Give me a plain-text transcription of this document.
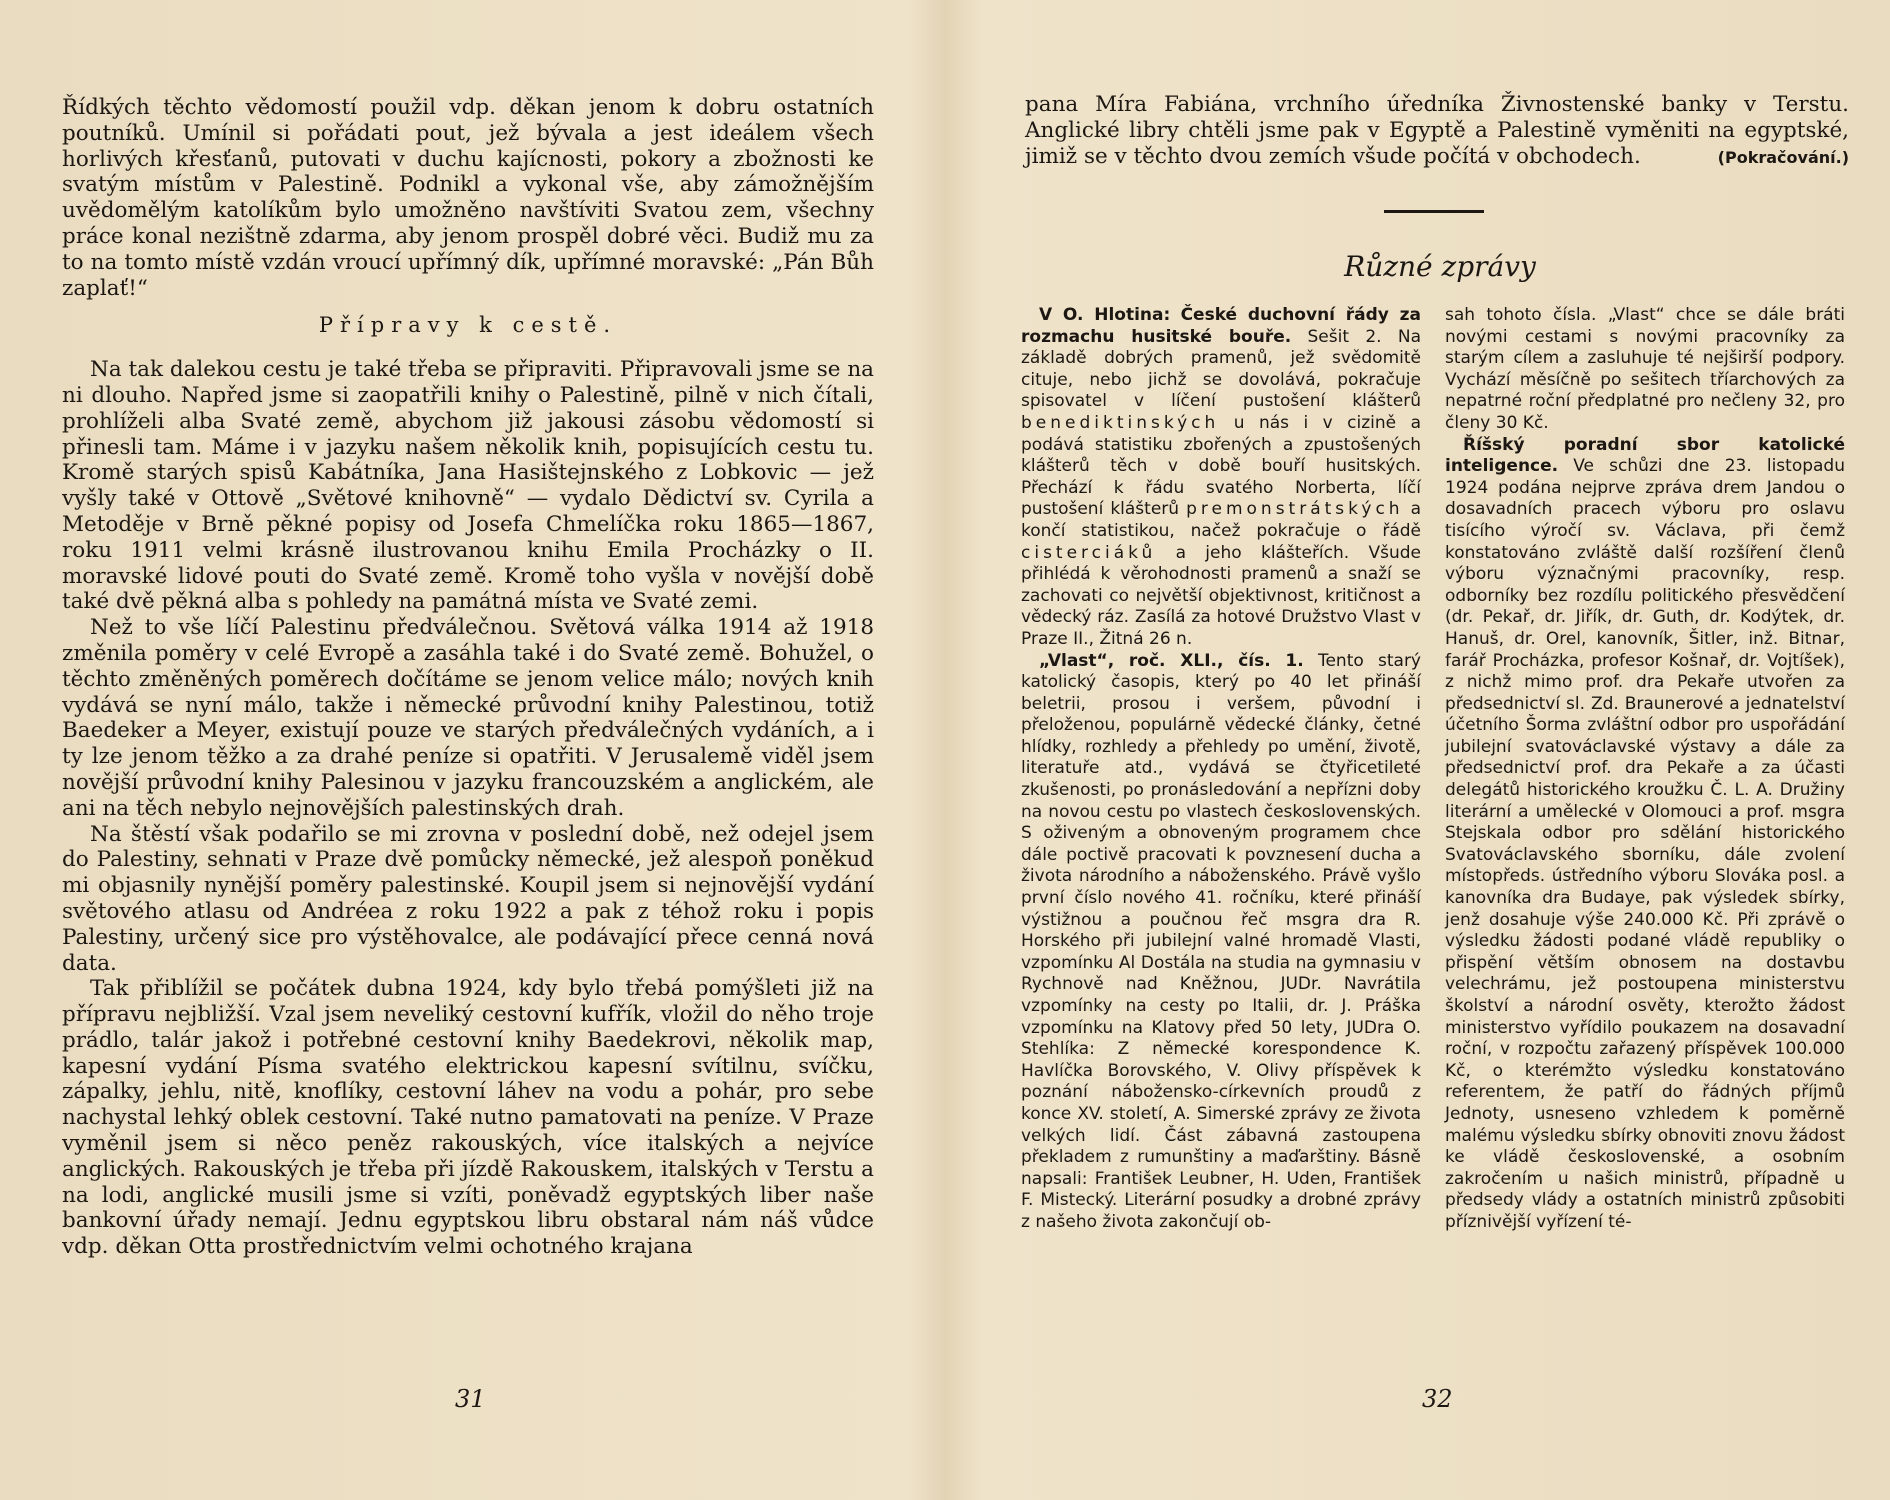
Řídkých těchto vědomostí použil vdp. děkan jenom k dobru ostatních poutníků. Umínil si pořádati pout, jež bývala a jest ideálem všech horlivých křesťanů, putovati v duchu kajícnosti, pokory a zbožnosti ke svatým místům v Palestině. Podnikl a vykonal vše, aby zámožnějším uvědomělým katolíkům bylo umožněno navštíviti Svatou zem, všechny práce konal nezištně zdarma, aby jenom prospěl dobré věci. Budiž mu za to na tomto místě vzdán vroucí upřímný dík, upřímné moravské: „Pán Bůh zaplať!“

Přípravy k cestě.

Na tak dalekou cestu je také třeba se připraviti. Připravovali jsme se na ni dlouho. Napřed jsme si zaopatřili knihy o Palestině, pilně v nich čítali, prohlíželi alba Svaté země, abychom již jakousi zásobu vědomostí si přinesli tam. Máme i v jazyku našem několik knih, popisujících cestu tu. Kromě starých spisů Kabátníka, Jana Hasištejnského z Lobkovic — jež vyšly také v Ottově „Světové knihovně“ — vydalo Dědictví sv. Cyrila a Metoděje v Brně pěkné popisy od Josefa Chmelíčka roku 1865—1867, roku 1911 velmi krásně ilustrovanou knihu Emila Procházky o II. moravské lidové pouti do Svaté země. Kromě toho vyšla v novější době také dvě pěkná alba s pohledy na památná místa ve Svaté zemi.

Než to vše líčí Palestinu předválečnou. Světová válka 1914 až 1918 změnila poměry v celé Evropě a zasáhla také i do Svaté země. Bohužel, o těchto změněných poměrech dočítáme se jenom velice málo; nových knih vydává se nyní málo, takže i německé průvodní knihy Palestinou, totiž Baedeker a Meyer, existují pouze ve starých předválečných vydáních, a i ty lze jenom těžko a za drahé peníze si opatřiti. V Jerusalemě viděl jsem novější průvodní knihy Palesinou v jazyku francouzském a anglickém, ale ani na těch nebylo nejnovějších palestinských drah.

Na štěstí však podařilo se mi zrovna v poslední době, než odejel jsem do Palestiny, sehnati v Praze dvě pomůcky německé, jež alespoň poněkud mi objasnily nynější poměry palestinské. Koupil jsem si nejnovější vydání světového atlasu od Andréea z roku 1922 a pak z téhož roku i popis Palestiny, určený sice pro výstěhovalce, ale podávající přece cenná nová data.

Tak přiblížil se počátek dubna 1924, kdy bylo třebá pomýšleti již na přípravu nejbližší. Vzal jsem neveliký cestovní kufřík, vložil do něho troje prádlo, talár jakož i potřebné cestovní knihy Baedekrovi, několik map, kapesní vydání Písma svatého elektrickou kapesní svítilnu, svíčku, zápalky, jehlu, nitě, knoflíky, cestovní láhev na vodu a pohár, pro sebe nachystal lehký oblek cestovní. Také nutno pamatovati na peníze. V Praze vyměnil jsem si něco peněz rakouských, více italských a nejvíce anglických. Rakouských je třeba při jízdě Rakouskem, italských v Terstu a na lodi, anglické musili jsme si vzíti, poněvadž egyptských liber naše bankovní úřady nemají. Jednu egyptskou libru obstaral nám náš vůdce vdp. děkan Otta prostřednictvím velmi ochotného krajana

31

pana Míra Fabiána, vrchního úředníka Živnostenské banky v Terstu. Anglické libry chtěli jsme pak v Egyptě a Palestině vyměniti na egyptské, jimiž se v těchto dvou zemích všude počítá v obchodech.	(Pokračování.)
Různé zprávy

V O. Hlotina: České duchovní řády za rozmachu husitské bouře. Sešit 2. Na základě dobrých pramenů, jež svědomitě cituje, nebo jichž se dovolává, pokračuje spisovatel v líčení pustošení klášterů benediktinských u nás i v cizině a podává statistiku zbořených a zpustošených klášterů těch v době bouří husitských. Přechází k řádu svatého Norberta, líčí pustošení klášterů premonstrátských a končí statistikou, načež pokračuje o řádě cisterciáků a jeho klášteřích. Všude přihlédá k věrohodnosti pramenů a snaží se zachovati co největší objektivnost, kritičnost a vědecký ráz. Zasílá za hotové Družstvo Vlast v Praze II., Žitná 26 n.

„Vlast“, roč. XLI., čís. 1. Tento starý katolický časopis, který po 40 let přináší beletrii, prosou i veršem, původní i přeloženou, populárně vědecké články, četné hlídky, rozhledy a přehledy po umění, životě, literatuře atd., vydává se čtyřicetileté zkušenosti, po pronásledování a nepřízni doby na novou cestu po vlastech československých. S oživeným a obnoveným programem chce dále poctivě pracovati k povznesení ducha a života národního a náboženského. Právě vyšlo první číslo nového 41. ročníku, které přináší výstižnou a poučnou řeč msgra dra R. Horského při jubilejní valné hromadě Vlasti, vzpomínku Al Dostála na studia na gymnasiu v Rychnově nad Kněžnou, JUDr. Navrátila vzpomínky na cesty po Italii, dr. J. Práška vzpomínku na Klatovy před 50 lety, JUDra O. Stehlíka: Z německé korespondence K. Havlíčka Borovského, V. Olivy příspěvek k poznání nábožensko-církevních proudů z konce XV. století, A. Simerské zprávy ze života velkých lidí. Část zábavná zastoupena překladem z rumunštiny a maďarštiny. Básně napsali: František Leubner, H. Uden, František F. Mistecký. Literární posudky a drobné zprávy z našeho života zakončují ob-

sah tohoto čísla. „Vlast“ chce se dále bráti novými cestami s novými pracovníky za starým cílem a zasluhuje té nejširší podpory. Vychází měsíčně po sešitech tříarchových za nepatrné roční předplatné pro nečleny 32, pro členy 30 Kč.

Říšský poradní sbor katolické inteligence. Ve schůzi dne 23. listopadu 1924 podána nejprve zpráva drem Jandou o dosavadních pracech výboru pro oslavu tisícího výročí sv. Václava, při čemž konstatováno zvláště další rozšíření členů výboru význačnými pracovníky, resp. odborníky bez rozdílu politického přesvědčení (dr. Pekař, dr. Jiřík, dr. Guth, dr. Kodýtek, dr. Hanuš, dr. Orel, kanovník, Šitler, inž. Bitnar, farář Procházka, profesor Košnař, dr. Vojtíšek), z nichž mimo prof. dra Pekaře utvořen za předsednictví sl. Zd. Braunerové a jednatelství účetního Šorma zvláštní odbor pro uspořádání jubilejní svatováclavské výstavy a dále za předsednictví prof. dra Pekaře a za účasti delegátů historického kroužku Č. L. A. Družiny literární a umělecké v Olomouci a prof. msgra Stejskala odbor pro sdělání historického Svatováclavského sborníku, dále zvolení místopředs. ústředního výboru Slováka posl. a kanovníka dra Budaye, pak výsledek sbírky, jenž dosahuje výše 240.000 Kč. Při zprávě o výsledku žádosti podané vládě republiky o přispění větším obnosem na dostavbu velechrámu, jež postoupena ministerstvu školství a národní osvěty, kterožto žádost ministerstvo vyřídilo poukazem na dosavadní roční, v rozpočtu zařazený příspěvek 100.000 Kč, o kterémžto výsledku konstatováno referentem, že patří do řádných příjmů Jednoty, usneseno vzhledem k poměrně malému výsledku sbírky obnoviti znovu žádost ke vládě československé, a osobním zakročením u našich ministrů, případně u předsedy vlády a ostatních ministrů způsobiti příznivější vyřízení té-

32
